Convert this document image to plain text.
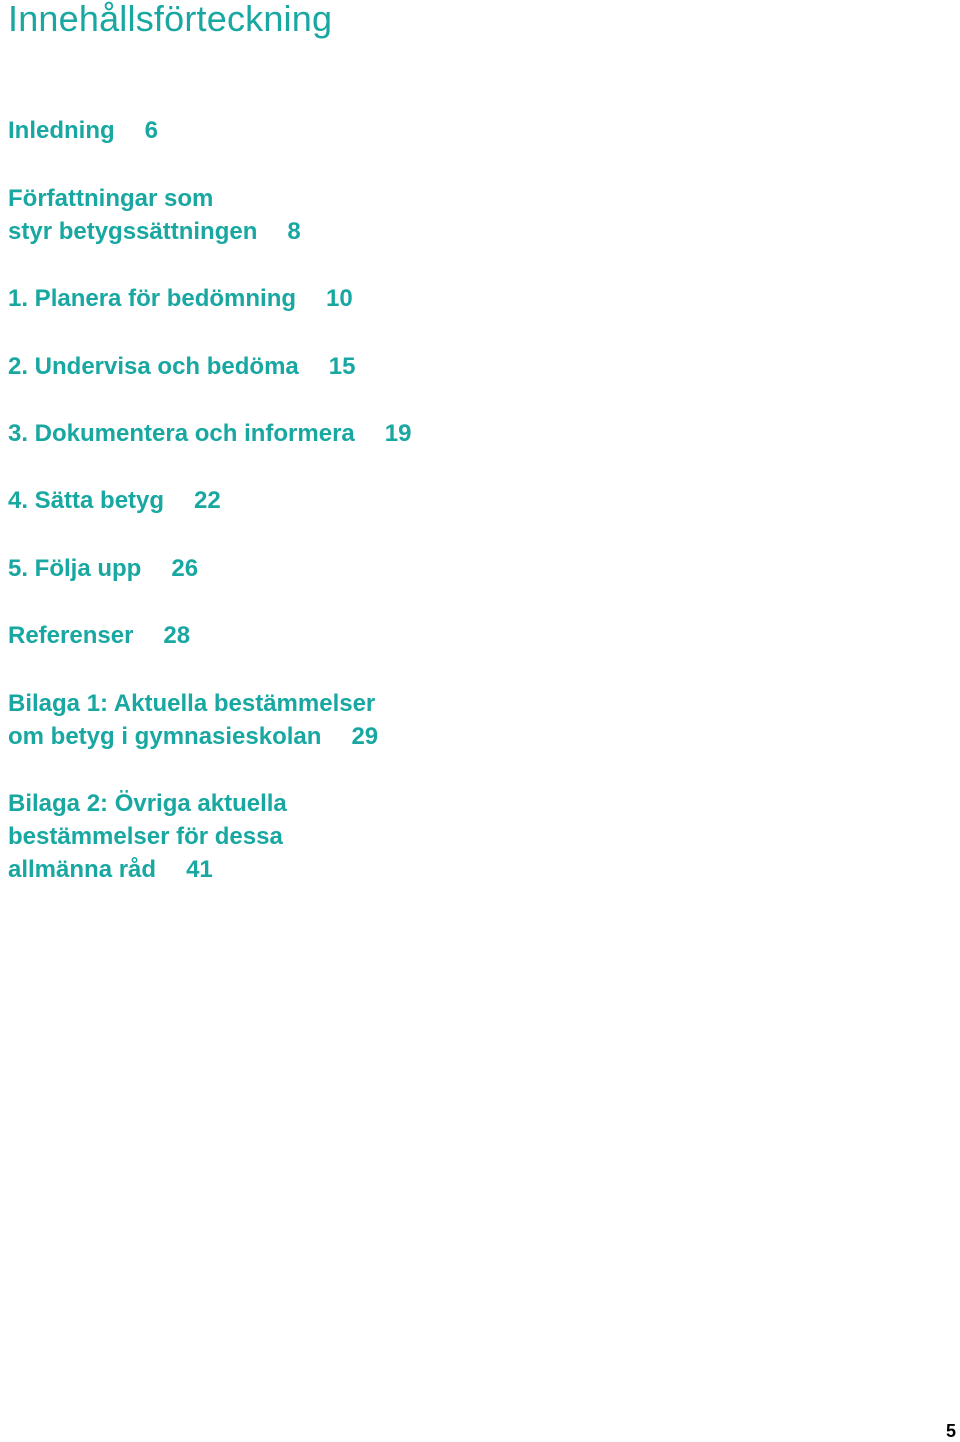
Innehållsförteckning
Inledning 6
Författningar som
styr betygssättningen 8
1. Planera för bedömning 10
2. Undervisa och bedöma 15
3. Dokumentera och informera 19
4. Sätta betyg 22
5. Följa upp 26
Referenser 28
Bilaga 1: Aktuella bestämmelser
om betyg i gymnasieskolan 29
Bilaga 2: Övriga aktuella
bestämmelser för dessa
allmänna råd 41
5
